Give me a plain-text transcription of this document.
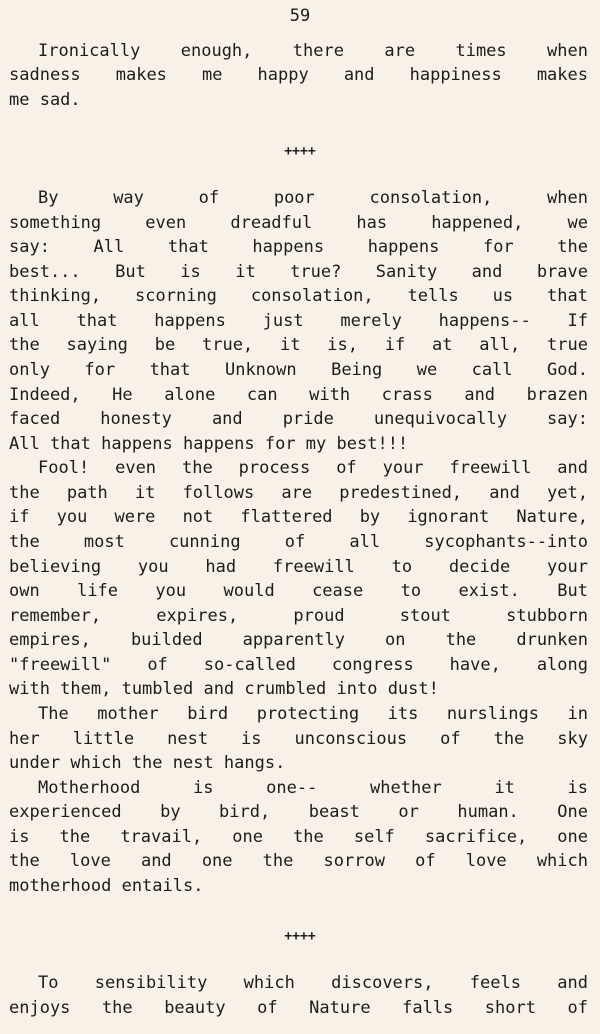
59
Ironically enough, there are times when
sadness makes me happy and happiness makes
me sad.
++++
By way of poor consolation, when
something even dreadful has happened, we
say: All that happens happens for the
best... But is it true? Sanity and brave
thinking, scorning consolation, tells us that
all that happens just merely happens-- If
the saying be true, it is, if at all, true
only for that Unknown Being we call God.
Indeed, He alone can with crass and brazen
faced honesty and pride unequivocally say:
All that happens happens for my best!!!
Fool! even the process of your freewill and
the path it follows are predestined, and yet,
if you were not flattered by ignorant Nature,
the most cunning of all sycophants--into
believing you had freewill to decide your
own life you would cease to exist. But
remember, expires, proud stout stubborn
empires, builded apparently on the drunken
"freewill" of so-called congress have, along
with them, tumbled and crumbled into dust!
The mother bird protecting its nurslings in
her little nest is unconscious of the sky
under which the nest hangs.
Motherhood is one-- whether it is
experienced by bird, beast or human. One
is the travail, one the self sacrifice, one
the love and one the sorrow of love which
motherhood entails.
++++
To sensibility which discovers, feels and
enjoys the beauty of Nature falls short of
